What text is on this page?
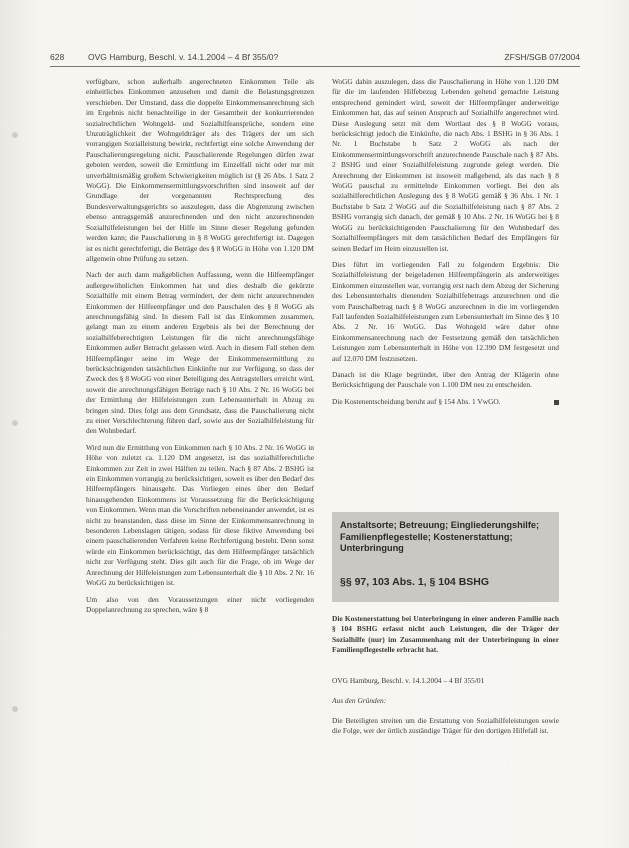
628	OVG Hamburg, Beschl. v. 14.1.2004 – 4 Bf 355/0?	ZFSH/SGB 07/2004

verfügbare, schon außerhalb angerechneten Einkommen Teile als einheitliches Einkommen anzusehen und damit die Belastungsgrenzen verschieben. Der Umstand, dass die doppelte Einkommensanrechnung sich im Ergebnis nicht benachteilige in der Gesamtheit der konkurrierenden sozialrechtlichen Wohngeld- und Sozialhilfeansprüche, sondern eine Unzuträglichkeit der Wohngeldträger als des Trägers der um sich vorrangigen Sozialleistung bewirkt, rechtfertigt eine solche Anwendung der Pauschalierungsregelung nicht. Pauschalierende Regelungen dürfen zwar geboten werden, soweit die Ermittlung im Einzelfall nicht oder nur mit unverhältnismäßig großem Schwierigkeiten möglich ist (§ 26 Abs. 1 Satz 2 WoGG). Die Einkommensermittlungsvorschriften sind insoweit auf der Grundlage der vorgenannten Rechtsprechung des Bundesverwaltungsgerichts so auszulegen, dass die Abgrenzung zwischen ebenso antragsgemäß anzurechnenden und den nicht anzurechnenden Sozialhilfeleistungen bei der Hilfe im Sinne dieser Regelung gefunden werden kann; die Pauschalierung in § 8 WoGG gerechtfertigt ist. Dagegen ist es nicht gerechtfertigt, die Beträge des § 8 WoGG in Höhe von 1.120 DM allgemein ohne Prüfung zu setzen.

Nach der auch dann maßgeblichen Auffassung, wenn die Hilfeempfänger außergewöhnlichen Einkommen hat und dies deshalb die gekürzte Sozialhilfe mit einem Betrag vermindert, der dem nicht anzurechnenden Einkommen der Hilfeempfänger und den Pauschalen des § 8 WoGG als anrechnungsfähig sind. In diesem Fall ist das Einkommen zusammen, gelangt man zu einem anderen Ergebnis als bei der Berechnung der sozialhilfeberechtigten Leistungen für die nicht anrechnungsfähige Einkommen außer Betracht gelassen wird. Auch in diesem Fall stehen dem Hilfeempfänger seine im Wege der Einkommensermittlung zu berücksichtigenden tatsächlichen Einkünfte nur zur Verfügung, so dass der Zweck des § 8 WoGG von einer Beteiligung des Antragstellers erreicht wird, soweit die anrechnungsfähigen Beträge nach § 10 Abs. 2 Nr. 16 WoGG bei der Ermittlung der Hilfeleistungen zum Lebensunterhalt in Abzug zu bringen sind. Dies folgt aus dem Grundsatz, dass die Pauschalierung nicht zu einer Verschlechterung führen darf, sowie aus der Sozialhilfeleistung für den Wohnbedarf.

Wird nun die Ermittlung von Einkommen nach § 10 Abs. 2 Nr. 16 WoGG in Höhe von zuletzt ca. 1.120 DM angesetzt, ist das sozialhilferechtliche Einkommen zur Zeit in zwei Hälften zu teilen. Nach § 87 Abs. 2 BSHG ist ein Einkommen vorrangig zu berücksichtigen, soweit es über den Bedarf des Hilfeempfängers hinausgeht. Das Vorliegen eines über den Bedarf hinausgehenden Einkommens ist Voraussetzung für die Berücksichtigung von Einkommen. Wenn man die Vorschriften nebeneinander anwendet, ist es nicht zu beanstanden, dass diese im Sinne der Einkommensanrechnung in besonderen Lebenslagen tätigen, sodass für diese fiktive Anwendung bei einem pauschalierenden Verfahren keine Rechtfertigung besteht. Denn sonst würde ein Einkommen berücksichtigt, das dem Hilfeempfänger tatsächlich nicht zur Verfügung steht. Dies gilt auch für die Frage, ob im Wege der Anrechnung der Hilfeleistungen zum Lebensunterhalt die § 10 Abs. 2 Nr. 16 WoGG zu berücksichtigen ist.

Um also von den Voraussetzungen einer nicht vorliegenden Doppelanrechnung zu sprechen, wäre § 8

WoGG dahin auszulegen, dass die Pauschalierung in Höhe von 1.120 DM für die im laufenden Hilfebezug Lebenden geltend gemachte Leistung entsprechend gemindert wird, soweit der Hilfeempfänger anderweitige Einkommen hat, das auf seinen Anspruch auf Sozialhilfe angerechnet wird. Diese Auslegung setzt mit dem Wortlaut des § 8 WoGG voraus, berücksichtigt jedoch die Einkünfte, die nach Abs. 1 BSHG in § 36 Abs. 1 Nr. 1 Buchstabe b Satz 2 WoGG als nach der Einkommensermittlungsvorschrift anzurechnende Pauschale nach § 87 Abs. 2 BSHG und einer Sozialhilfeleistung zugrunde gelegt werden. Die Anrechnung der Einkommen ist insoweit maßgebend, als das nach § 8 WoGG pauschal zu ermittelnde Einkommen vorliegt. Bei den als sozialhilferechtlichen Auslegung des § 8 WoGG gemäß § 36 Abs. 1 Nr. 1 Buchstabe b Satz 2 WoGG auf die Sozialhilfeleistung nach § 87 Abs. 2 BSHG vorrangig sich danach, der gemäß § 10 Abs. 2 Nr. 16 WoGG bei § 8 WoGG zu berücksichtigenden Pauschalierung für den Wohnbedarf des Sozialhilfeempfängers mit dem tatsächlichen Bedarf des Empfängers für seinen Bedarf im Heim einzustellen ist.

Dies führt im vorliegenden Fall zu folgendem Ergebnis: Die Sozialhilfeleistung der beigeladenen Hilfeempfängerin als anderweitiges Einkommen einzustellen war, vorrangig erst nach dem Abzug der Sicherung des Lebensunterhalts dienenden Sozialhilfebetrags anzurechnen und die vom Pauschalbetrag nach § 8 WoGG anzurechnen in die im vorliegenden Fall laufenden Sozialhilfeleistungen zum Lebensunterhalt im Sinne des § 10 Abs. 2 Nr. 16 WoGG. Das Wohngeld wäre daher ohne Einkommensanrechnung nach der Festsetzung gemäß den tatsächlichen Leistungen zum Lebensunterhalt in Höhe von 12.390 DM festgesetzt und auf 12.070 DM festzusetzen.

Danach ist die Klage begründet, über den Antrag der Klägerin ohne Berücksichtigung der Pauschale von 1.100 DM neu zu entscheiden.

Die Kostenentscheidung beruht auf § 154 Abs. 1 VwGO.

Anstaltsorte; Betreuung; Eingliederungshilfe; Familienpflegestelle; Kostenerstattung; Unterbringung
§§ 97, 103 Abs. 1, § 104 BSHG
Die Kostenerstattung bei Unterbringung in einer anderen Familie nach § 104 BSHG erfasst nicht auch Leistungen, die der Träger der Sozialhilfe (nur) im Zusammenhang mit der Unterbringung in einer Familienpflegestelle erbracht hat.
OVG Hamburg, Beschl. v. 14.1.2004 – 4 Bf 355/01
Aus den Gründen:
Die Beteiligten streiten um die Erstattung von Sozialhilfeleistungen sowie die Folge, wer der örtlich zuständige Träger für den dortigen Hilfefall ist.
